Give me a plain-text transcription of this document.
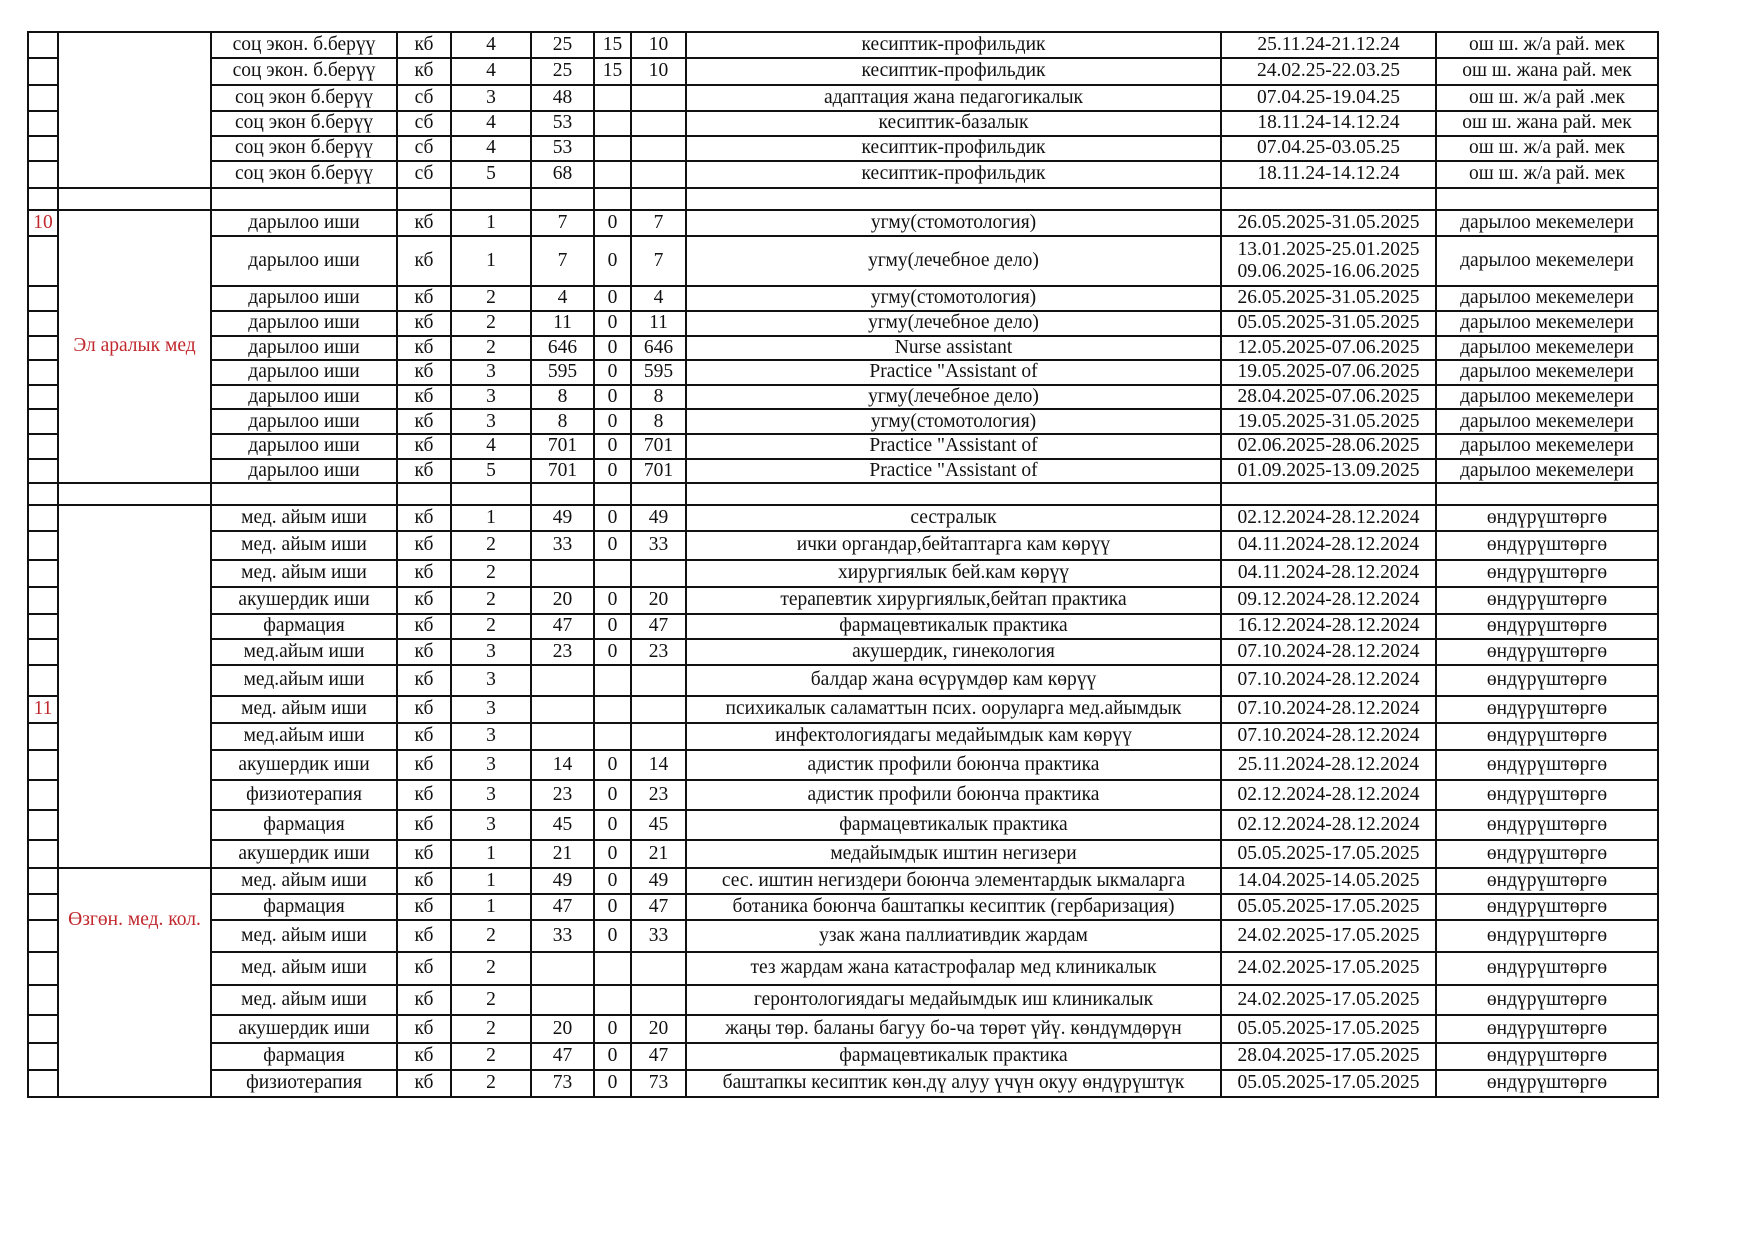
		соц экон. б.берүү	кб	4	25	15	10	кесиптик-профильдик	25.11.24-21.12.24	ош ш. ж/а рай. мек
		соц экон. б.берүү	кб	4	25	15	10	кесиптик-профильдик	24.02.25-22.03.25	ош ш. жана рай. мек
		соц экон б.берүү	сб	3	48			адаптация жана педагогикалык	07.04.25-19.04.25	ош ш. ж/а рай .мек
		соц экон б.берүү	сб	4	53			кесиптик-базалык	18.11.24-14.12.24	ош ш. жана рай. мек
		соц экон б.берүү	сб	4	53			кесиптик-профильдик	07.04.25-03.05.25	ош ш. ж/а рай. мек
		соц экон б.берүү	сб	5	68			кесиптик-профильдик	18.11.24-14.12.24	ош ш. ж/а рай. мек

10	Эл аралык мед	дарылоо иши	кб	1	7	0	7	угму(стомотология)	26.05.2025-31.05.2025	дарылоо мекемелери
		дарылоо иши	кб	1	7	0	7	угму(лечебное дело)	13.01.2025-25.01.2025
09.06.2025-16.06.2025	дарылоо мекемелери
		дарылоо иши	кб	2	4	0	4	угму(стомотология)	26.05.2025-31.05.2025	дарылоо мекемелери
		дарылоо иши	кб	2	11	0	11	угму(лечебное дело)	05.05.2025-31.05.2025	дарылоо мекемелери
		дарылоо иши	кб	2	646	0	646	Nurse assistant	12.05.2025-07.06.2025	дарылоо мекемелери
		дарылоо иши	кб	3	595	0	595	Practice "Assistant of	19.05.2025-07.06.2025	дарылоо мекемелери
		дарылоо иши	кб	3	8	0	8	угму(лечебное дело)	28.04.2025-07.06.2025	дарылоо мекемелери
		дарылоо иши	кб	3	8	0	8	угму(стомотология)	19.05.2025-31.05.2025	дарылоо мекемелери
		дарылоо иши	кб	4	701	0	701	Practice "Assistant of	02.06.2025-28.06.2025	дарылоо мекемелери
		дарылоо иши	кб	5	701	0	701	Practice "Assistant of	01.09.2025-13.09.2025	дарылоо мекемелери

		мед. айым иши	кб	1	49	0	49	сестралык	02.12.2024-28.12.2024	өндүрүштөргө
		мед. айым иши	кб	2	33	0	33	ички органдар,бейтаптарга кам көрүү	04.11.2024-28.12.2024	өндүрүштөргө
		мед. айым иши	кб	2				хирургиялык бей.кам көрүү	04.11.2024-28.12.2024	өндүрүштөргө
		акушердик иши	кб	2	20	0	20	терапевтик хирургиялык,бейтап практика	09.12.2024-28.12.2024	өндүрүштөргө
		фармация	кб	2	47	0	47	фармацевтикалык практика	16.12.2024-28.12.2024	өндүрүштөргө
		мед.айым иши	кб	3	23	0	23	акушердик, гинекология	07.10.2024-28.12.2024	өндүрүштөргө
		мед.айым иши	кб	3				балдар жана өсүрүмдөр кам көрүү	07.10.2024-28.12.2024	өндүрүштөргө
11		мед. айым иши	кб	3				психикалык саламаттын псих. ооруларга мед.айымдык	07.10.2024-28.12.2024	өндүрүштөргө
		мед.айым иши	кб	3				инфектологиядагы медайымдык кам көрүү	07.10.2024-28.12.2024	өндүрүштөргө
		акушердик иши	кб	3	14	0	14	адистик профили боюнча практика	25.11.2024-28.12.2024	өндүрүштөргө
		физиотерапия	кб	3	23	0	23	адистик профили боюнча практика	02.12.2024-28.12.2024	өндүрүштөргө
		фармация	кб	3	45	0	45	фармацевтикалык практика	02.12.2024-28.12.2024	өндүрүштөргө
		акушердик иши	кб	1	21	0	21	медайымдык иштин негизери	05.05.2025-17.05.2025	өндүрүштөргө
	Өзгөн. мед. кол.	мед. айым иши	кб	1	49	0	49	сес. иштин негиздери боюнча элементардык ыкмаларга	14.04.2025-14.05.2025	өндүрүштөргө
		фармация	кб	1	47	0	47	ботаника боюнча баштапкы кесиптик (гербаризация)	05.05.2025-17.05.2025	өндүрүштөргө
		мед. айым иши	кб	2	33	0	33	узак жана паллиативдик жардам	24.02.2025-17.05.2025	өндүрүштөргө
		мед. айым иши	кб	2				тез жардам жана катастрофалар мед клиникалык	24.02.2025-17.05.2025	өндүрүштөргө
		мед. айым иши	кб	2				геронтологиядагы медайымдык иш клиникалык	24.02.2025-17.05.2025	өндүрүштөргө
		акушердик иши	кб	2	20	0	20	жаңы төр. баланы багуу бо-ча төрөт үйү. көндүмдөрүн	05.05.2025-17.05.2025	өндүрүштөргө
		фармация	кб	2	47	0	47	фармацевтикалык практика	28.04.2025-17.05.2025	өндүрүштөргө
		физиотерапия	кб	2	73	0	73	баштапкы кесиптик көн.дү алуу үчүн окуу өндүрүштүк	05.05.2025-17.05.2025	өндүрүштөргө
